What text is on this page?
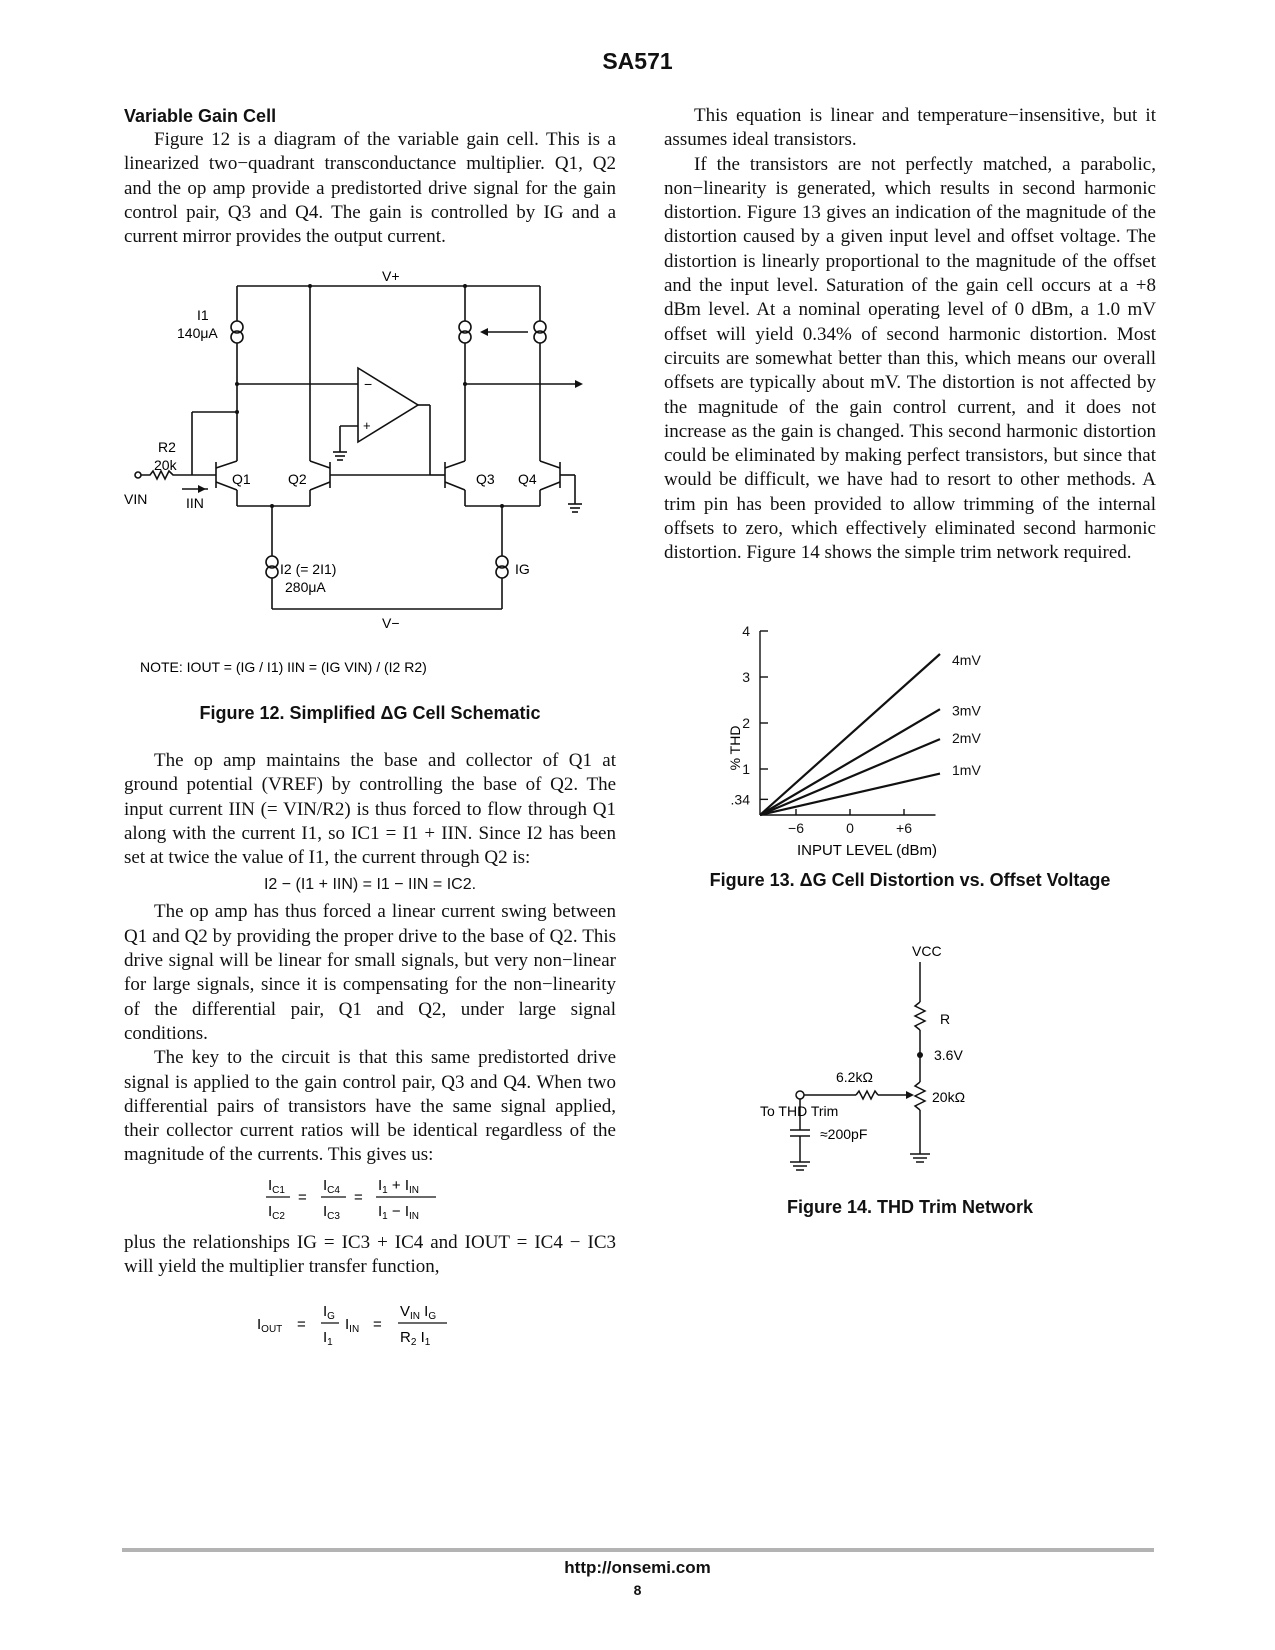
SA571
Variable Gain Cell

Figure 12 is a diagram of the variable gain cell. This is a linearized two−quadrant transconductance multiplier. Q1, Q2 and the op amp provide a predistorted drive signal for the gain control pair, Q3 and Q4. The gain is controlled by IG and a current mirror provides the output current.

V+
V−
I1
140μA
R2
20k
VIN	IIN
Q1	Q2	Q3 Q4
−
+
I2 (= 2I1)
280μA
IG
NOTE: IOUT = (IG / I1) IIN = (IG VIN) / (I2 R2)
Figure 12. Simplified ΔG Cell Schematic

The op amp maintains the base and collector of Q1 at ground potential (VREF) by controlling the base of Q2. The input current IIN (= VIN/R2) is thus forced to flow through Q1 along with the current I1, so IC1 = I1 + IIN. Since I2 has been set at twice the value of I1, the current through Q2 is:

I2 − (I1 + IIN) = I1 − IIN = IC2.

The op amp has thus forced a linear current swing between Q1 and Q2 by providing the proper drive to the base of Q2. This drive signal will be linear for small signals, but very non−linear for large signals, since it is compensating for the non−linearity of the differential pair, Q1 and Q2, under large signal conditions.

The key to the circuit is that this same predistorted drive signal is applied to the gain control pair, Q3 and Q4. When two differential pairs of transistors have the same signal applied, their collector current ratios will be identical regardless of the magnitude of the currents. This gives us:

$I_{C1}$
$I_{C2}$
=
$I_{C4}$
$I_{C3}$
=
$I_1 + I_{IN}$
$I_1 - I_{IN}$

plus the relationships IG = IC3 + IC4 and IOUT = IC4 − IC3 will yield the multiplier transfer function,

$I_{OUT}$ =
$I_G$
$I_1$
$I_{IN}$ =
$V_{IN}$ $I_G$
$R_2$ $I_1$

This equation is linear and temperature−insensitive, but it assumes ideal transistors.

If the transistors are not perfectly matched, a parabolic, non−linearity is generated, which results in second harmonic distortion. Figure 13 gives an indication of the magnitude of the distortion caused by a given input level and offset voltage. The distortion is linearly proportional to the magnitude of the offset and the input level. Saturation of the gain cell occurs at a +8 dBm level. At a nominal operating level of 0 dBm, a 1.0 mV offset will yield 0.34% of second harmonic distortion. Most circuits are somewhat better than this, which means our overall offsets are typically about mV. The distortion is not affected by the magnitude of the gain control current, and it does not increase as the gain is changed. This second harmonic distortion could be eliminated by making perfect transistors, but since that would be difficult, we have had to resort to other methods. A trim pin has been provided to allow trimming of the internal offsets to zero, which effectively eliminated second harmonic distortion. Figure 14 shows the simple trim network required.

.34
1
2
3
4
−6	0	+6
4mV
3mV
2mV
1mV
% THD
INPUT LEVEL (dBm)
Figure 13. ΔG Cell Distortion vs. Offset Voltage
VCC
R
3.6V
6.2kΩ
20kΩ
To THD Trim
≈200pF
Figure 14. THD Trim Network
http://onsemi.com
8
